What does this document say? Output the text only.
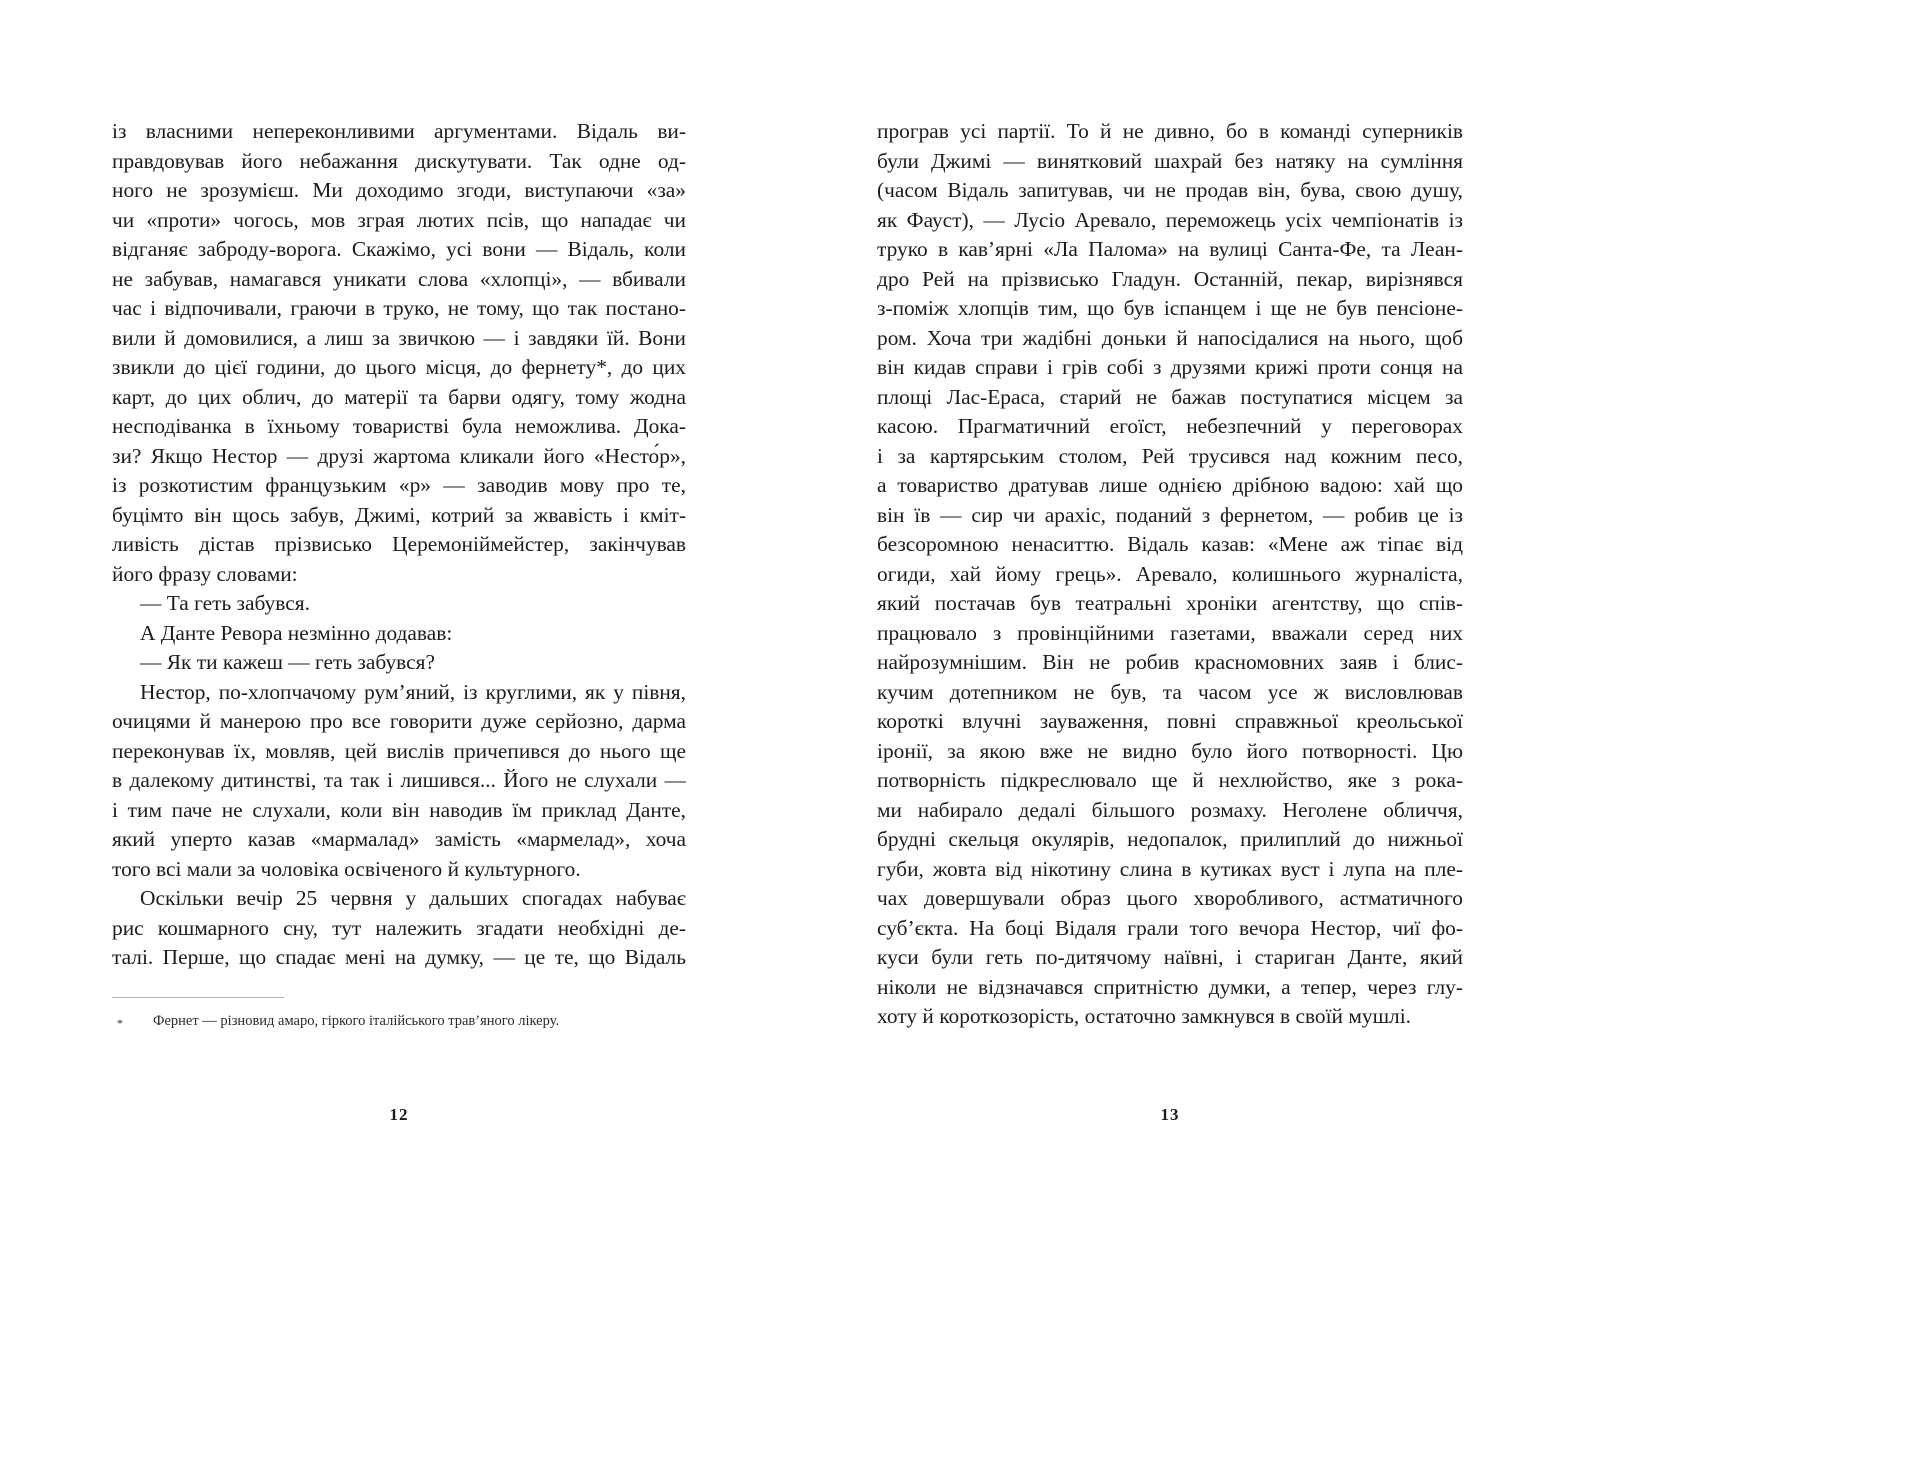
із власними непереконливими аргументами. Відаль ви-
правдовував його небажання дискутувати. Так одне од-
ного не зрозумієш. Ми доходимо згоди, виступаючи «за»
чи «проти» чогось, мов зграя лютих псів, що нападає чи
відганяє заброду-ворога. Скажімо, усі вони — Відаль, коли
не забував, намагався уникати слова «хлопці», — вбивали
час і відпочивали, граючи в труко, не тому, що так постано-
вили й домовилися, а лиш за звичкою — і завдяки їй. Вони
звикли до цієї години, до цього місця, до фернету*, до цих
карт, до цих облич, до матерії та барви одягу, тому жодна
несподіванка в їхньому товаристві була неможлива. Дока-
зи? Якщо Нестор — друзі жартома кликали його «Несто́р»,
із розкотистим французьким «р» — заводив мову про те,
буцімто він щось забув, Джимі, котрий за жвавість і кміт-
ливість дістав прізвисько Церемоніймейстер, закінчував
його фразу словами:
— Та геть забувся.
А Данте Ревора незмінно додавав:
— Як ти кажеш — геть забувся?
Нестор, по-хлопчачому рум’яний, із круглими, як у півня,
очицями й манерою про все говорити дуже серйозно, дарма
переконував їх, мовляв, цей вислів причепився до нього ще
в далекому дитинстві, та так і лишився... Його не слухали —
і тим паче не слухали, коли він наводив їм приклад Данте,
який уперто казав «мармалад» замість «мармелад», хоча
того всі мали за чоловіка освіченого й культурного.
Оскільки вечір 25 червня у дальших спогадах набуває
рис кошмарного сну, тут належить згадати необхідні де-
талі. Перше, що спадає мені на думку, — це те, що Відаль
*	Фернет — різновид амаро, гіркого італійського трав’яного лікеру.
12
програв усі партії. То й не дивно, бо в команді суперників
були Джимі — винятковий шахрай без натяку на сумління
(часом Відаль запитував, чи не продав він, бува, свою душу,
як Фауст), — Лусіо Аревало, переможець усіх чемпіонатів із
труко в кав’ярні «Ла Палома» на вулиці Санта-Фе, та Леан-
дро Рей на прізвисько Гладун. Останній, пекар, вирізнявся
з-поміж хлопців тим, що був іспанцем і ще не був пенсіоне-
ром. Хоча три жадібні доньки й напосідалися на нього, щоб
він кидав справи і грів собі з друзями крижі проти сонця на
площі Лас-Ераса, старий не бажав поступатися місцем за
касою. Прагматичний егоїст, небезпечний у переговорах
і за картярським столом, Рей трусився над кожним песо,
а товариство дратував лише однією дрібною вадою: хай що
він їв — сир чи арахіс, поданий з фернетом, — робив це із
безсоромною ненаситтю. Відаль казав: «Мене аж тіпає від
огиди, хай йому грець». Аревало, колишнього журналіста,
який постачав був театральні хроніки агентству, що спів-
працювало з провінційними газетами, вважали серед них
найрозумнішим. Він не робив красномовних заяв і блис-
кучим дотепником не був, та часом усе ж висловлював
короткі влучні зауваження, повні справжньої креольської
іронії, за якою вже не видно було його потворності. Цю
потворність підкреслювало ще й нехлюйство, яке з рока-
ми набирало дедалі більшого розмаху. Неголене обличчя,
брудні скельця окулярів, недопалок, прилиплий до нижньої
губи, жовта від нікотину слина в кутиках вуст і лупа на пле-
чах довершували образ цього хворобливого, астматичного
суб’єкта. На боці Відаля грали того вечора Нестор, чиї фо-
куси були геть по-дитячому наївні, і стариган Данте, який
ніколи не відзначався спритністю думки, а тепер, через глу-
хоту й короткозорість, остаточно замкнувся в своїй мушлі.
13
